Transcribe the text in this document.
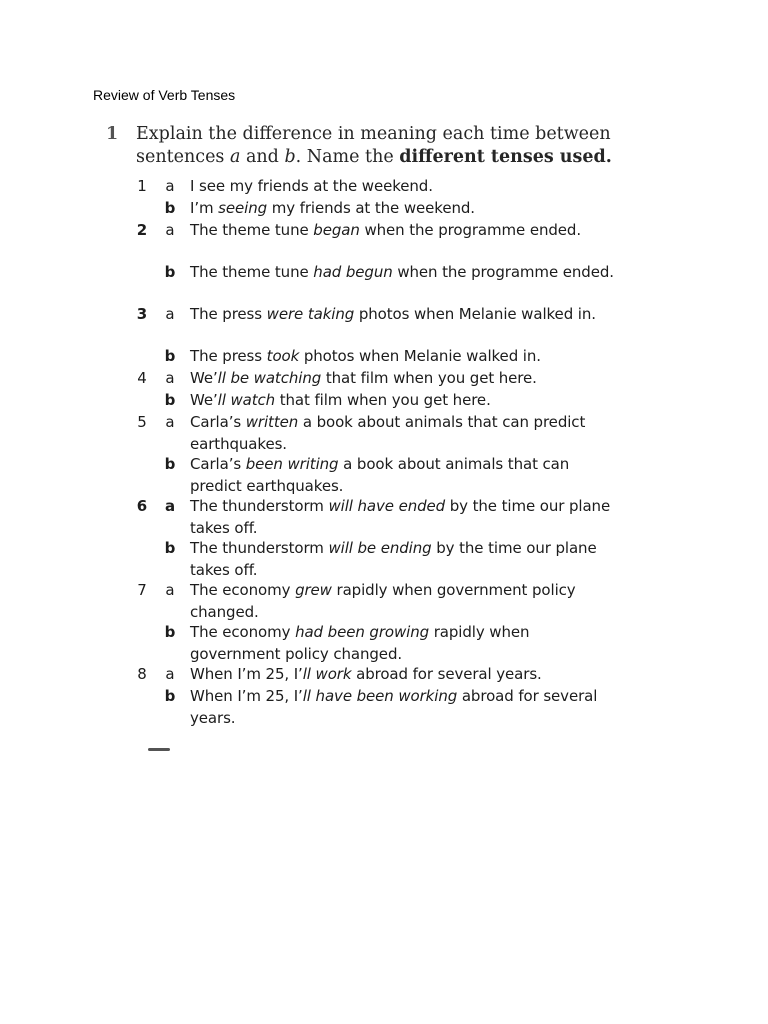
Review of Verb Tenses
1 Explain the difference in meaning each time between
sentences a and b. Name the different tenses used.
1 a I see my friends at the weekend.
b I’m seeing my friends at the weekend.
2 a The theme tune began when the programme ended.
b The theme tune had begun when the programme ended.
3 a The press were taking photos when Melanie walked in.
b The press took photos when Melanie walked in.
4 a We’ll be watching that film when you get here.
b We’ll watch that film when you get here.
5 a Carla’s written a book about animals that can predict earthquakes.
b Carla’s been writing a book about animals that can predict earthquakes.
6 a The thunderstorm will have ended by the time our plane takes off.
b The thunderstorm will be ending by the time our plane takes off.
7 a The economy grew rapidly when government policy changed.
b The economy had been growing rapidly when government policy changed.
8 a When I’m 25, I’ll work abroad for several years.
b When I’m 25, I’ll have been working abroad for several years.
